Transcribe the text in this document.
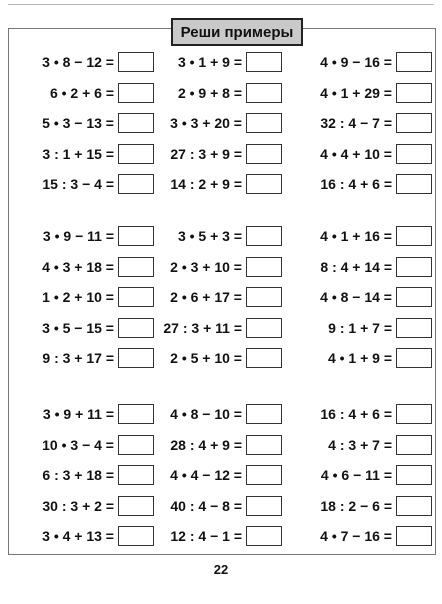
Реши примеры
3 • 8 − 12 =	3 • 1 + 9 =	4 • 9 − 16 =
6 • 2 + 6 =	2 • 9 + 8 =	4 • 1 + 29 =
5 • 3 − 13 =	3 • 3 + 20 =	32 : 4 − 7 =
3 : 1 + 15 =	27 : 3 + 9 =	4 • 4 + 10 =
15 : 3 − 4 =	14 : 2 + 9 =	16 : 4 + 6 =
3 • 9 − 11 =	3 • 5 + 3 =	4 • 1 + 16 =
4 • 3 + 18 =	2 • 3 + 10 =	8 : 4 + 14 =
1 • 2 + 10 =	2 • 6 + 17 =	4 • 8 − 14 =
3 • 5 − 15 =	27 : 3 + 11 =	9 : 1 + 7 =
9 : 3 + 17 =	2 • 5 + 10 =	4 • 1 + 9 =
3 • 9 + 11 =	4 • 8 − 10 =	16 : 4 + 6 =
10 • 3 − 4 =	28 : 4 + 9 =	4 : 3 + 7 =
6 : 3 + 18 =	4 • 4 − 12 =	4 • 6 − 11 =
30 : 3 + 2 =	40 : 4 − 8 =	18 : 2 − 6 =
3 • 4 + 13 =	12 : 4 − 1 =	4 • 7 − 16 =
22
